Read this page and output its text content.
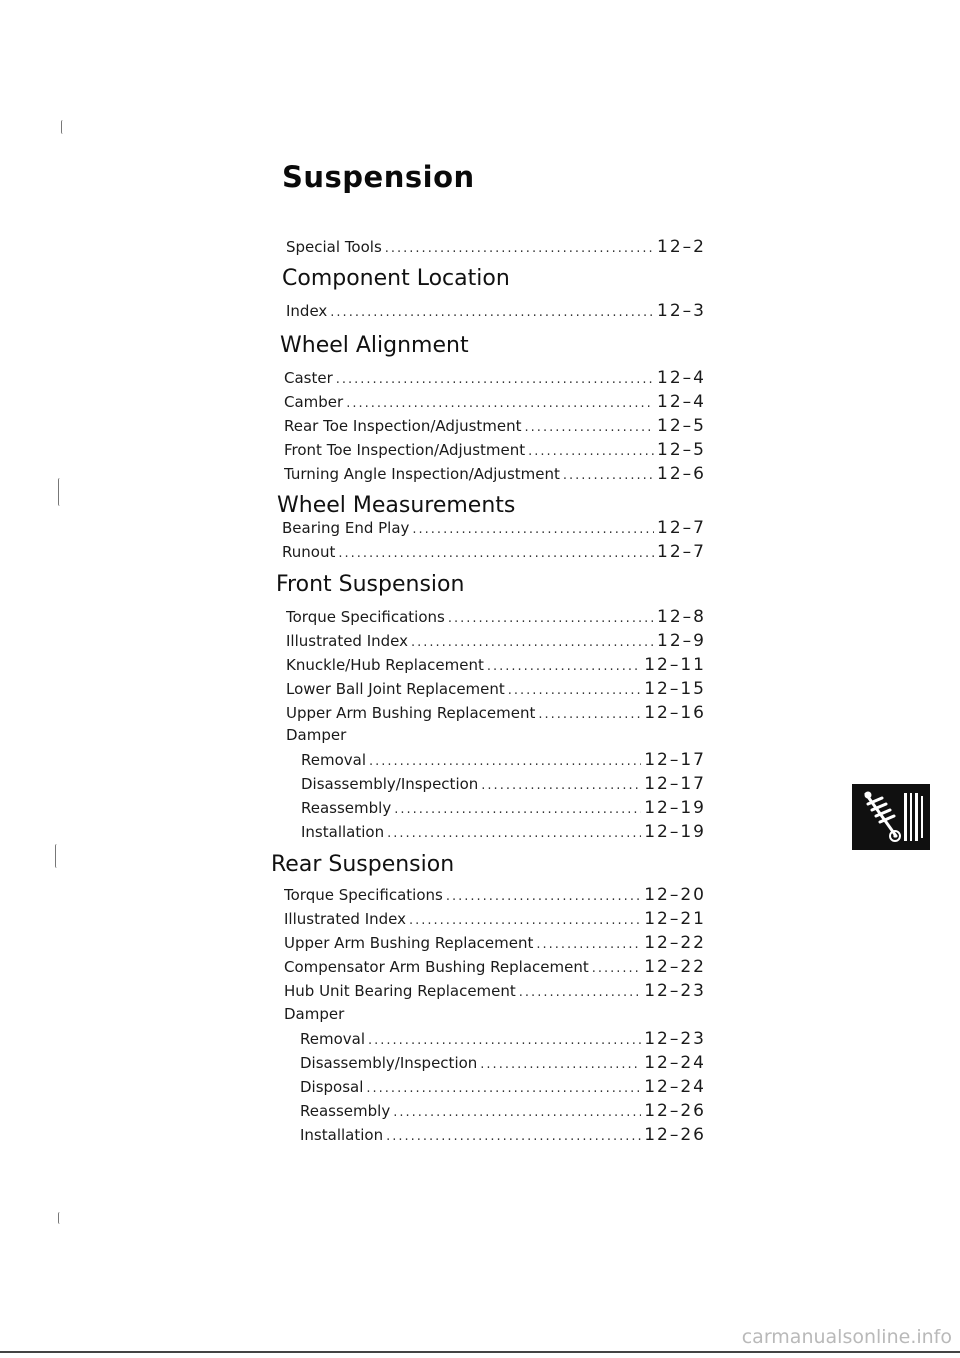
Suspension
Special Tools .....	12–2
Component Location
Index .....	12–3
Wheel Alignment
Caster .....	12–4
Camber .....	12–4
Rear Toe Inspection/Adjustment .....	12–5
Front Toe Inspection/Adjustment .....	12–5
Turning Angle Inspection/Adjustment .....	12–6
Wheel Measurements
Bearing End Play .....	12–7
Runout .....	12–7
Front Suspension
Torque Specifications .....	12–8
Illustrated Index .....	12–9
Knuckle/Hub Replacement .....	12–11
Lower Ball Joint Replacement .....	12–15
Upper Arm Bushing Replacement .....	12–16
Damper
Removal .....	12–17
Disassembly/Inspection .....	12–17
Reassembly .....	12–19
Installation .....	12–19
Rear Suspension
Torque Specifications .....	12–20
Illustrated Index .....	12–21
Upper Arm Bushing Replacement .....	12–22
Compensator Arm Bushing Replacement .....	12–22
Hub Unit Bearing Replacement .....	12–23
Damper
Removal .....	12–23
Disassembly/Inspection .....	12–24
Disposal .....	12–24
Reassembly .....	12–26
Installation .....	12–26
carmanualsonline.info
